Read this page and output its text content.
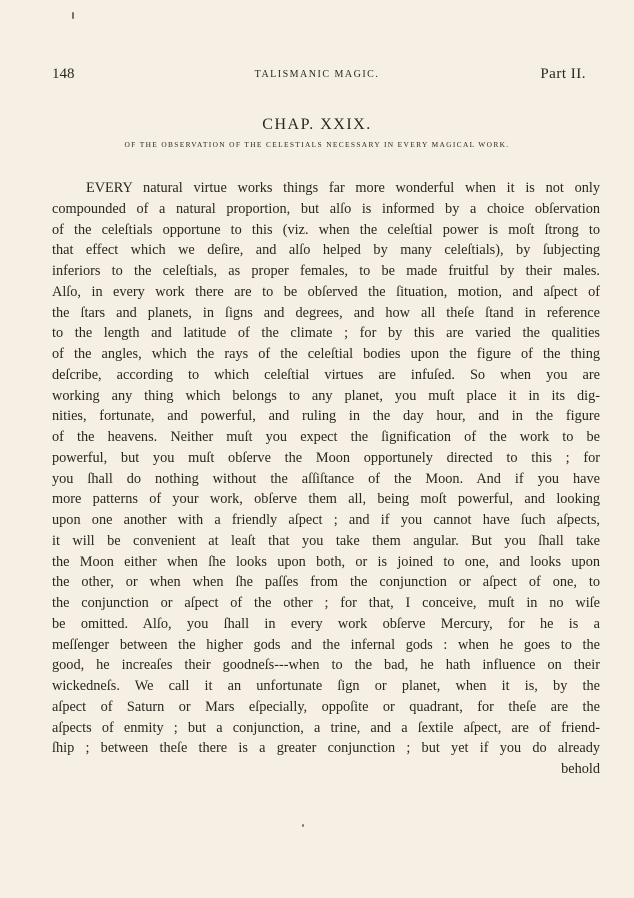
148	TALISMANIC MAGIC.	Part II.
CHAP. XXIX.
OF THE OBSERVATION OF THE CELESTIALS NECESSARY IN EVERY MAGICAL WORK.
EVERY natural virtue works things far more wonderful when it is not only
compounded of a natural proportion, but alſo is informed by a choice obſervation
of the celeſtials opportune to this (viz. when the celeſtial power is moſt ſtrong to
that effect which we deſire, and alſo helped by many celeſtials), by ſubjecting
inferiors to the celeſtials, as proper females, to be made fruitful by their males.
Alſo, in every work there are to be obſerved the ſituation, motion, and aſpect of
the ſtars and planets, in ſigns and degrees, and how all theſe ſtand in reference
to the length and latitude of the climate ; for by this are varied the qualities
of the angles, which the rays of the celeſtial bodies upon the figure of the thing
deſcribe, according to which celeſtial virtues are infuſed. So when you are
working any thing which belongs to any planet, you muſt place it in its dig-
nities, fortunate, and powerful, and ruling in the day hour, and in the figure
of the heavens. Neither muſt you expect the ſignification of the work to be
powerful, but you muſt obſerve the Moon opportunely directed to this ; for
you ſhall do nothing without the aſſiſtance of the Moon. And if you have
more patterns of your work, obſerve them all, being moſt powerful, and looking
upon one another with a friendly aſpect ; and if you cannot have ſuch aſpects,
it will be convenient at leaſt that you take them angular. But you ſhall take
the Moon either when ſhe looks upon both, or is joined to one, and looks upon
the other, or when when ſhe paſſes from the conjunction or aſpect of one, to
the conjunction or aſpect of the other ; for that, I conceive, muſt in no wiſe
be omitted. Alſo, you ſhall in every work obſerve Mercury, for he is a
meſſenger between the higher gods and the infernal gods : when he goes to the
good, he increaſes their goodneſs---when to the bad, he hath influence on their
wickedneſs. We call it an unfortunate ſign or planet, when it is, by the
aſpect of Saturn or Mars eſpecially, oppoſite or quadrant, for theſe are the
aſpects of enmity ; but a conjunction, a trine, and a ſextile aſpect, are of friend-
ſhip ; between theſe there is a greater conjunction ; but yet if you do already
behold
